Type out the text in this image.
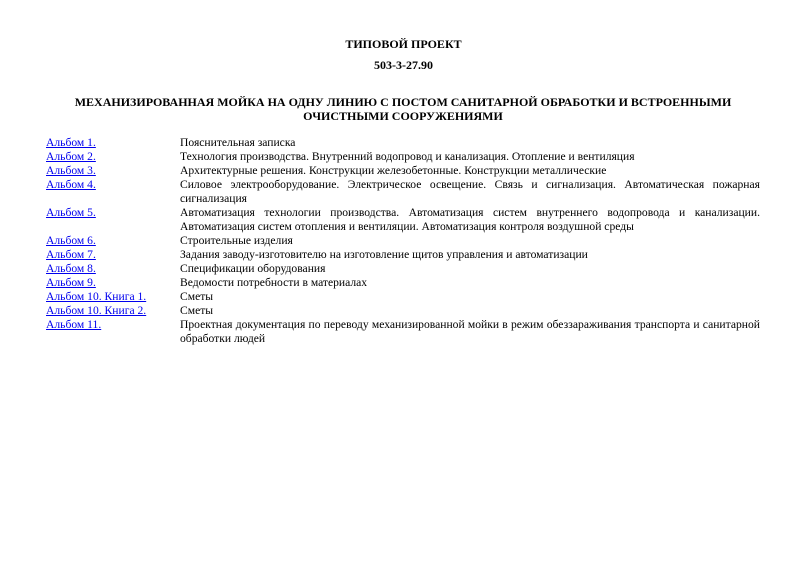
ТИПОВОЙ ПРОЕКТ
503-3-27.90
МЕХАНИЗИРОВАННАЯ МОЙКА НА ОДНУ ЛИНИЮ С ПОСТОМ САНИТАРНОЙ ОБРАБОТКИ И ВСТРОЕННЫМИ ОЧИСТНЫМИ СООРУЖЕНИЯМИ
Альбом 1.	Пояснительная записка
Альбом 2.	Технология производства. Внутренний водопровод и канализация. Отопление и вентиляция
Альбом 3.	Архитектурные решения. Конструкции железобетонные. Конструкции металлические
Альбом 4.	Силовое электрооборудование. Электрическое освещение. Связь и сигнализация. Автоматическая пожарная сигнализация
Альбом 5.	Автоматизация технологии производства. Автоматизация систем внутреннего водопровода и канализации. Автоматизация систем отопления и вентиляции. Автоматизация контроля воздушной среды
Альбом 6.	Строительные изделия
Альбом 7.	Задания заводу-изготовителю на изготовление щитов управления и автоматизации
Альбом 8.	Спецификации оборудования
Альбом 9.	Ведомости потребности в материалах
Альбом 10. Книга 1.	Сметы
Альбом 10. Книга 2.	Сметы
Альбом 11.	Проектная документация по переводу механизированной мойки в режим обеззараживания транспорта и санитарной обработки людей
